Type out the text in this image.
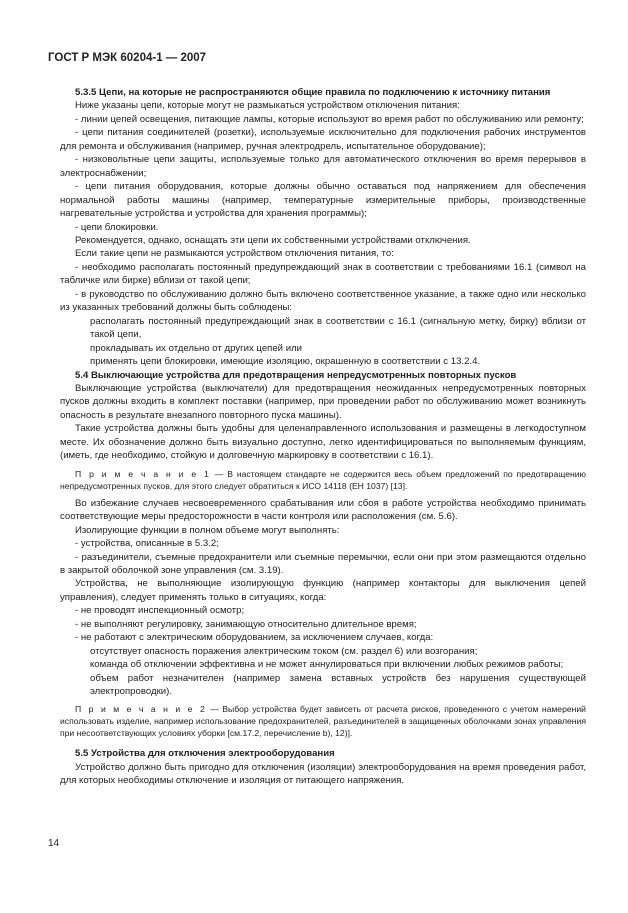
ГОСТ Р МЭК 60204-1 — 2007

5.3.5 Цепи, на которые не распространяются общие правила по подключению к источнику питания

Ниже указаны цепи, которые могут не размыкаться устройством отключения питания:

- линии цепей освещения, питающие лампы, которые используют во время работ по обслуживанию или ремонту;

- цепи питания соединителей (розетки), используемые исключительно для подключения рабочих инструментов для ремонта и обслуживания (например, ручная электродрель, испытательное оборудование);

- низковольтные цепи защиты, используемые только для автоматического отключения во время перерывов в электроснабжении;

- цепи питания оборудования, которые должны обычно оставаться под напряжением для обеспечения нормальной работы машины (например, температурные измерительные приборы, производственные нагревательные устройства и устройства для хранения программы);

- цепи блокировки.

Рекомендуется, однако, оснащать эти цепи их собственными устройствами отключения.

Если такие цепи не размыкаются устройством отключения питания, то:

- необходимо располагать постоянный предупреждающий знак в соответствии с требованиями 16.1 (символ на табличке или бирке) вблизи от такой цепи;

- в руководство по обслуживанию должно быть включено соответственное указание, а также одно или несколько из указанных требований должны быть соблюдены:

располагать постоянный предупреждающий знак в соответствии с 16.1 (сигнальную метку, бирку) вблизи от такой цепи,

прокладывать их отдельно от других цепей или

применять цепи блокировки, имеющие изоляцию, окрашенную в соответствии с 13.2.4.

5.4 Выключающие устройства для предотвращения непредусмотренных повторных пусков

Выключающие устройства (выключатели) для предотвращения неожиданных непредусмотренных повторных пусков должны входить в комплект поставки (например, при проведении работ по обслуживанию может возникнуть опасность в результате внезапного повторного пуска машины).

Такие устройства должны быть удобны для целенаправленного использования и размещены в легкодоступном месте. Их обозначение должно быть визуально доступно, легко идентифицироваться по выполняемым функциям, (иметь, где необходимо, стойкую и долговечную маркировку в соответствии с 16.1).

П р и м е ч а н и е 1 — В настоящем стандарте не содержится весь объем предложений по предотвращению непредусмотренных пусков, для этого следует обратиться к ИСО 14118 (ЕН 1037) [13].

Во избежание случаев несвоевременного срабатывания или сбоя в работе устройства необходимо принимать соответствующие меры предосторожности в части контроля или расположения (см. 5.6).

Изолирующие функции в полном объеме могут выполнять:

- устройства, описанные в 5.3.2;

- разъединители, съемные предохранители или съемные перемычки, если они при этом размещаются отдельно в закрытой оболочкой зоне управления (см. 3.19).

Устройства, не выполняющие изолирующую функцию (например контакторы для выключения цепей управления), следует применять только в ситуациях, когда:

- не проводят инспекционный осмотр;

- не выполняют регулировку, занимающую относительно длительное время;

- не работают с электрическим оборудованием, за исключением случаев, когда:

отсутствует опасность поражения электрическим током (см. раздел 6) или возгорания;

команда об отключении эффективна и не может аннулироваться при включении любых режимов работы;

объем работ незначителен (например замена вставных устройств без нарушения существующей электропроводки).

П р и м е ч а н и е 2 — Выбор устройства будет зависеть от расчета рисков, проведенного с учетом намерений использовать изделие, например использование предохранителей, разъединителей в защищенных оболочками зонах управления при несоответствующих условиях уборки [см.17.2, перечисление b), 12)].

5.5 Устройства для отключения электрооборудования

Устройство должно быть пригодно для отключения (изоляции) электрооборудования на время проведения работ, для которых необходимы отключение и изоляция от питающего напряжения.

14
